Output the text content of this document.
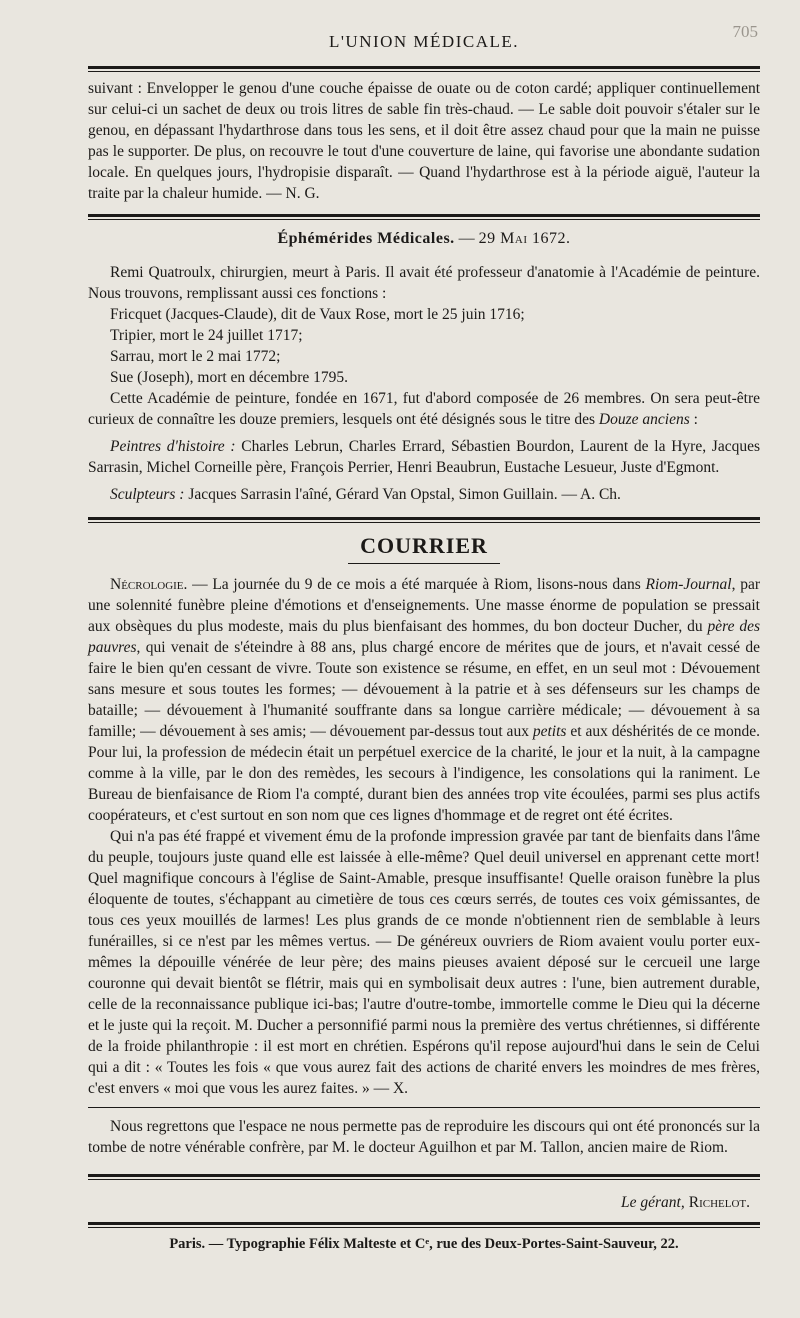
705
L'UNION MÉDICALE.

suivant : Envelopper le genou d'une couche épaisse de ouate ou de coton cardé; appliquer continuellement sur celui-ci un sachet de deux ou trois litres de sable fin très-chaud. — Le sable doit pouvoir s'étaler sur le genou, en dépassant l'hydarthrose dans tous les sens, et il doit être assez chaud pour que la main ne puisse pas le supporter. De plus, on recouvre le tout d'une couverture de laine, qui favorise une abondante sudation locale. En quelques jours, l'hydropisie disparaît. — Quand l'hydarthrose est à la période aiguë, l'auteur la traite par la chaleur humide. — N. G.

Éphémérides Médicales. — 29 Mai 1672.

Remi Quatroulx, chirurgien, meurt à Paris. Il avait été professeur d'anatomie à l'Académie de peinture. Nous trouvons, remplissant aussi ces fonctions :

Fricquet (Jacques-Claude), dit de Vaux Rose, mort le 25 juin 1716;

Tripier, mort le 24 juillet 1717;

Sarrau, mort le 2 mai 1772;

Sue (Joseph), mort en décembre 1795.

Cette Académie de peinture, fondée en 1671, fut d'abord composée de 26 membres. On sera peut-être curieux de connaître les douze premiers, lesquels ont été désignés sous le titre des Douze anciens :

Peintres d'histoire : Charles Lebrun, Charles Errard, Sébastien Bourdon, Laurent de la Hyre, Jacques Sarrasin, Michel Corneille père, François Perrier, Henri Beaubrun, Eustache Lesueur, Juste d'Egmont.

Sculpteurs : Jacques Sarrasin l'aîné, Gérard Van Opstal, Simon Guillain. — A. Ch.

COURRIER

Nécrologie. — La journée du 9 de ce mois a été marquée à Riom, lisons-nous dans Riom-Journal, par une solennité funèbre pleine d'émotions et d'enseignements. Une masse énorme de population se pressait aux obsèques du plus modeste, mais du plus bienfaisant des hommes, du bon docteur Ducher, du père des pauvres, qui venait de s'éteindre à 88 ans, plus chargé encore de mérites que de jours, et n'avait cessé de faire le bien qu'en cessant de vivre. Toute son existence se résume, en effet, en un seul mot : Dévouement sans mesure et sous toutes les formes; — dévouement à la patrie et à ses défenseurs sur les champs de bataille; — dévouement à l'humanité souffrante dans sa longue carrière médicale; — dévouement à sa famille; — dévouement à ses amis; — dévouement par-dessus tout aux petits et aux déshérités de ce monde. Pour lui, la profession de médecin était un perpétuel exercice de la charité, le jour et la nuit, à la campagne comme à la ville, par le don des remèdes, les secours à l'indigence, les consolations qui la raniment. Le Bureau de bienfaisance de Riom l'a compté, durant bien des années trop vite écoulées, parmi ses plus actifs coopérateurs, et c'est surtout en son nom que ces lignes d'hommage et de regret ont été écrites.

Qui n'a pas été frappé et vivement ému de la profonde impression gravée par tant de bienfaits dans l'âme du peuple, toujours juste quand elle est laissée à elle-même? Quel deuil universel en apprenant cette mort! Quel magnifique concours à l'église de Saint-Amable, presque insuffisante! Quelle oraison funèbre la plus éloquente de toutes, s'échappant au cimetière de tous ces cœurs serrés, de toutes ces voix gémissantes, de tous ces yeux mouillés de larmes! Les plus grands de ce monde n'obtiennent rien de semblable à leurs funérailles, si ce n'est par les mêmes vertus. — De généreux ouvriers de Riom avaient voulu porter eux-mêmes la dépouille vénérée de leur père; des mains pieuses avaient déposé sur le cercueil une large couronne qui devait bientôt se flétrir, mais qui en symbolisait deux autres : l'une, bien autrement durable, celle de la reconnaissance publique ici-bas; l'autre d'outre-tombe, immortelle comme le Dieu qui la décerne et le juste qui la reçoit. M. Ducher a personnifié parmi nous la première des vertus chrétiennes, si différente de la froide philanthropie : il est mort en chrétien. Espérons qu'il repose aujourd'hui dans le sein de Celui qui a dit : « Toutes les fois « que vous aurez fait des actions de charité envers les moindres de mes frères, c'est envers « moi que vous les aurez faites. » — X.

Nous regrettons que l'espace ne nous permette pas de reproduire les discours qui ont été prononcés sur la tombe de notre vénérable confrère, par M. le docteur Aguilhon et par M. Tallon, ancien maire de Riom.

Le gérant, Richelot.
Paris. — Typographie Félix Malteste et Cᵉ, rue des Deux-Portes-Saint-Sauveur, 22.
